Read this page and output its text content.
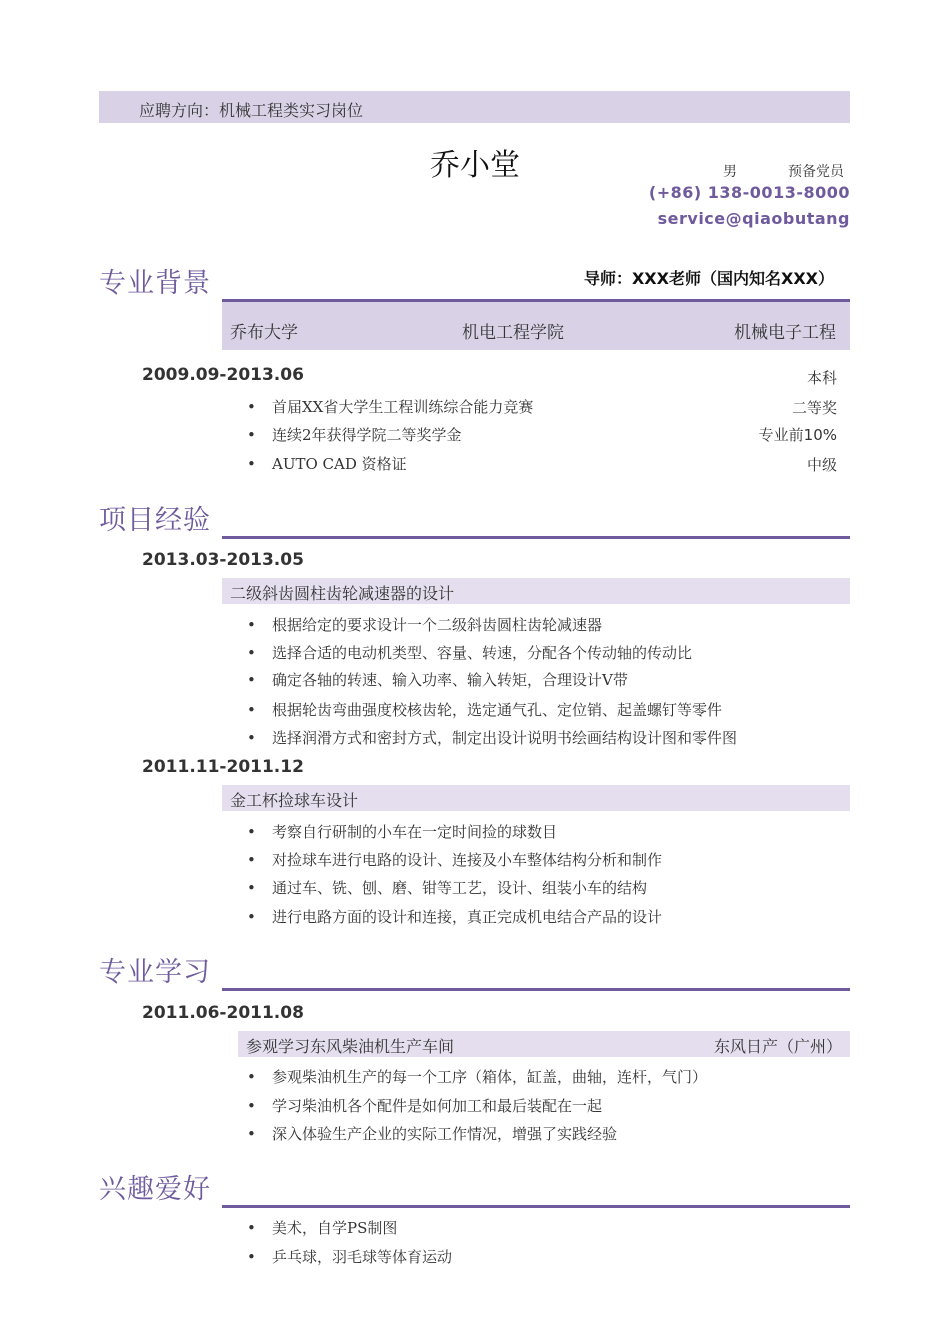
应聘方向：机械工程类实习岗位
乔小堂	男	预备党员
(+86) 138-0013-8000
service@qiaobutang
专业背景	导师：XXX老师（国内知名XXX）
乔布大学	机电工程学院	机械电子工程
2009.09-2013.06	本科
• 首届XX省大学生工程训练综合能力竞赛	二等奖
• 连续2年获得学院二等奖学金	专业前10%
• AUTO CAD 资格证	中级
项目经验
2013.03-2013.05
二级斜齿圆柱齿轮减速器的设计
• 根据给定的要求设计一个二级斜齿圆柱齿轮减速器
• 选择合适的电动机类型、容量、转速，分配各个传动轴的传动比
• 确定各轴的转速、输入功率、输入转矩，合理设计V带
• 根据轮齿弯曲强度校核齿轮，选定通气孔、定位销、起盖螺钉等零件
• 选择润滑方式和密封方式，制定出设计说明书绘画结构设计图和零件图
2011.11-2011.12
金工杯捡球车设计
• 考察自行研制的小车在一定时间捡的球数目
• 对捡球车进行电路的设计、连接及小车整体结构分析和制作
• 通过车、铣、刨、磨、钳等工艺，设计、组装小车的结构
• 进行电路方面的设计和连接，真正完成机电结合产品的设计
专业学习
2011.06-2011.08
参观学习东风柴油机生产车间	东风日产（广州）
• 参观柴油机生产的每一个工序（箱体，缸盖，曲轴，连杆，气门）
• 学习柴油机各个配件是如何加工和最后装配在一起
• 深入体验生产企业的实际工作情况，增强了实践经验
兴趣爱好
• 美术，自学PS制图
• 乒乓球，羽毛球等体育运动
